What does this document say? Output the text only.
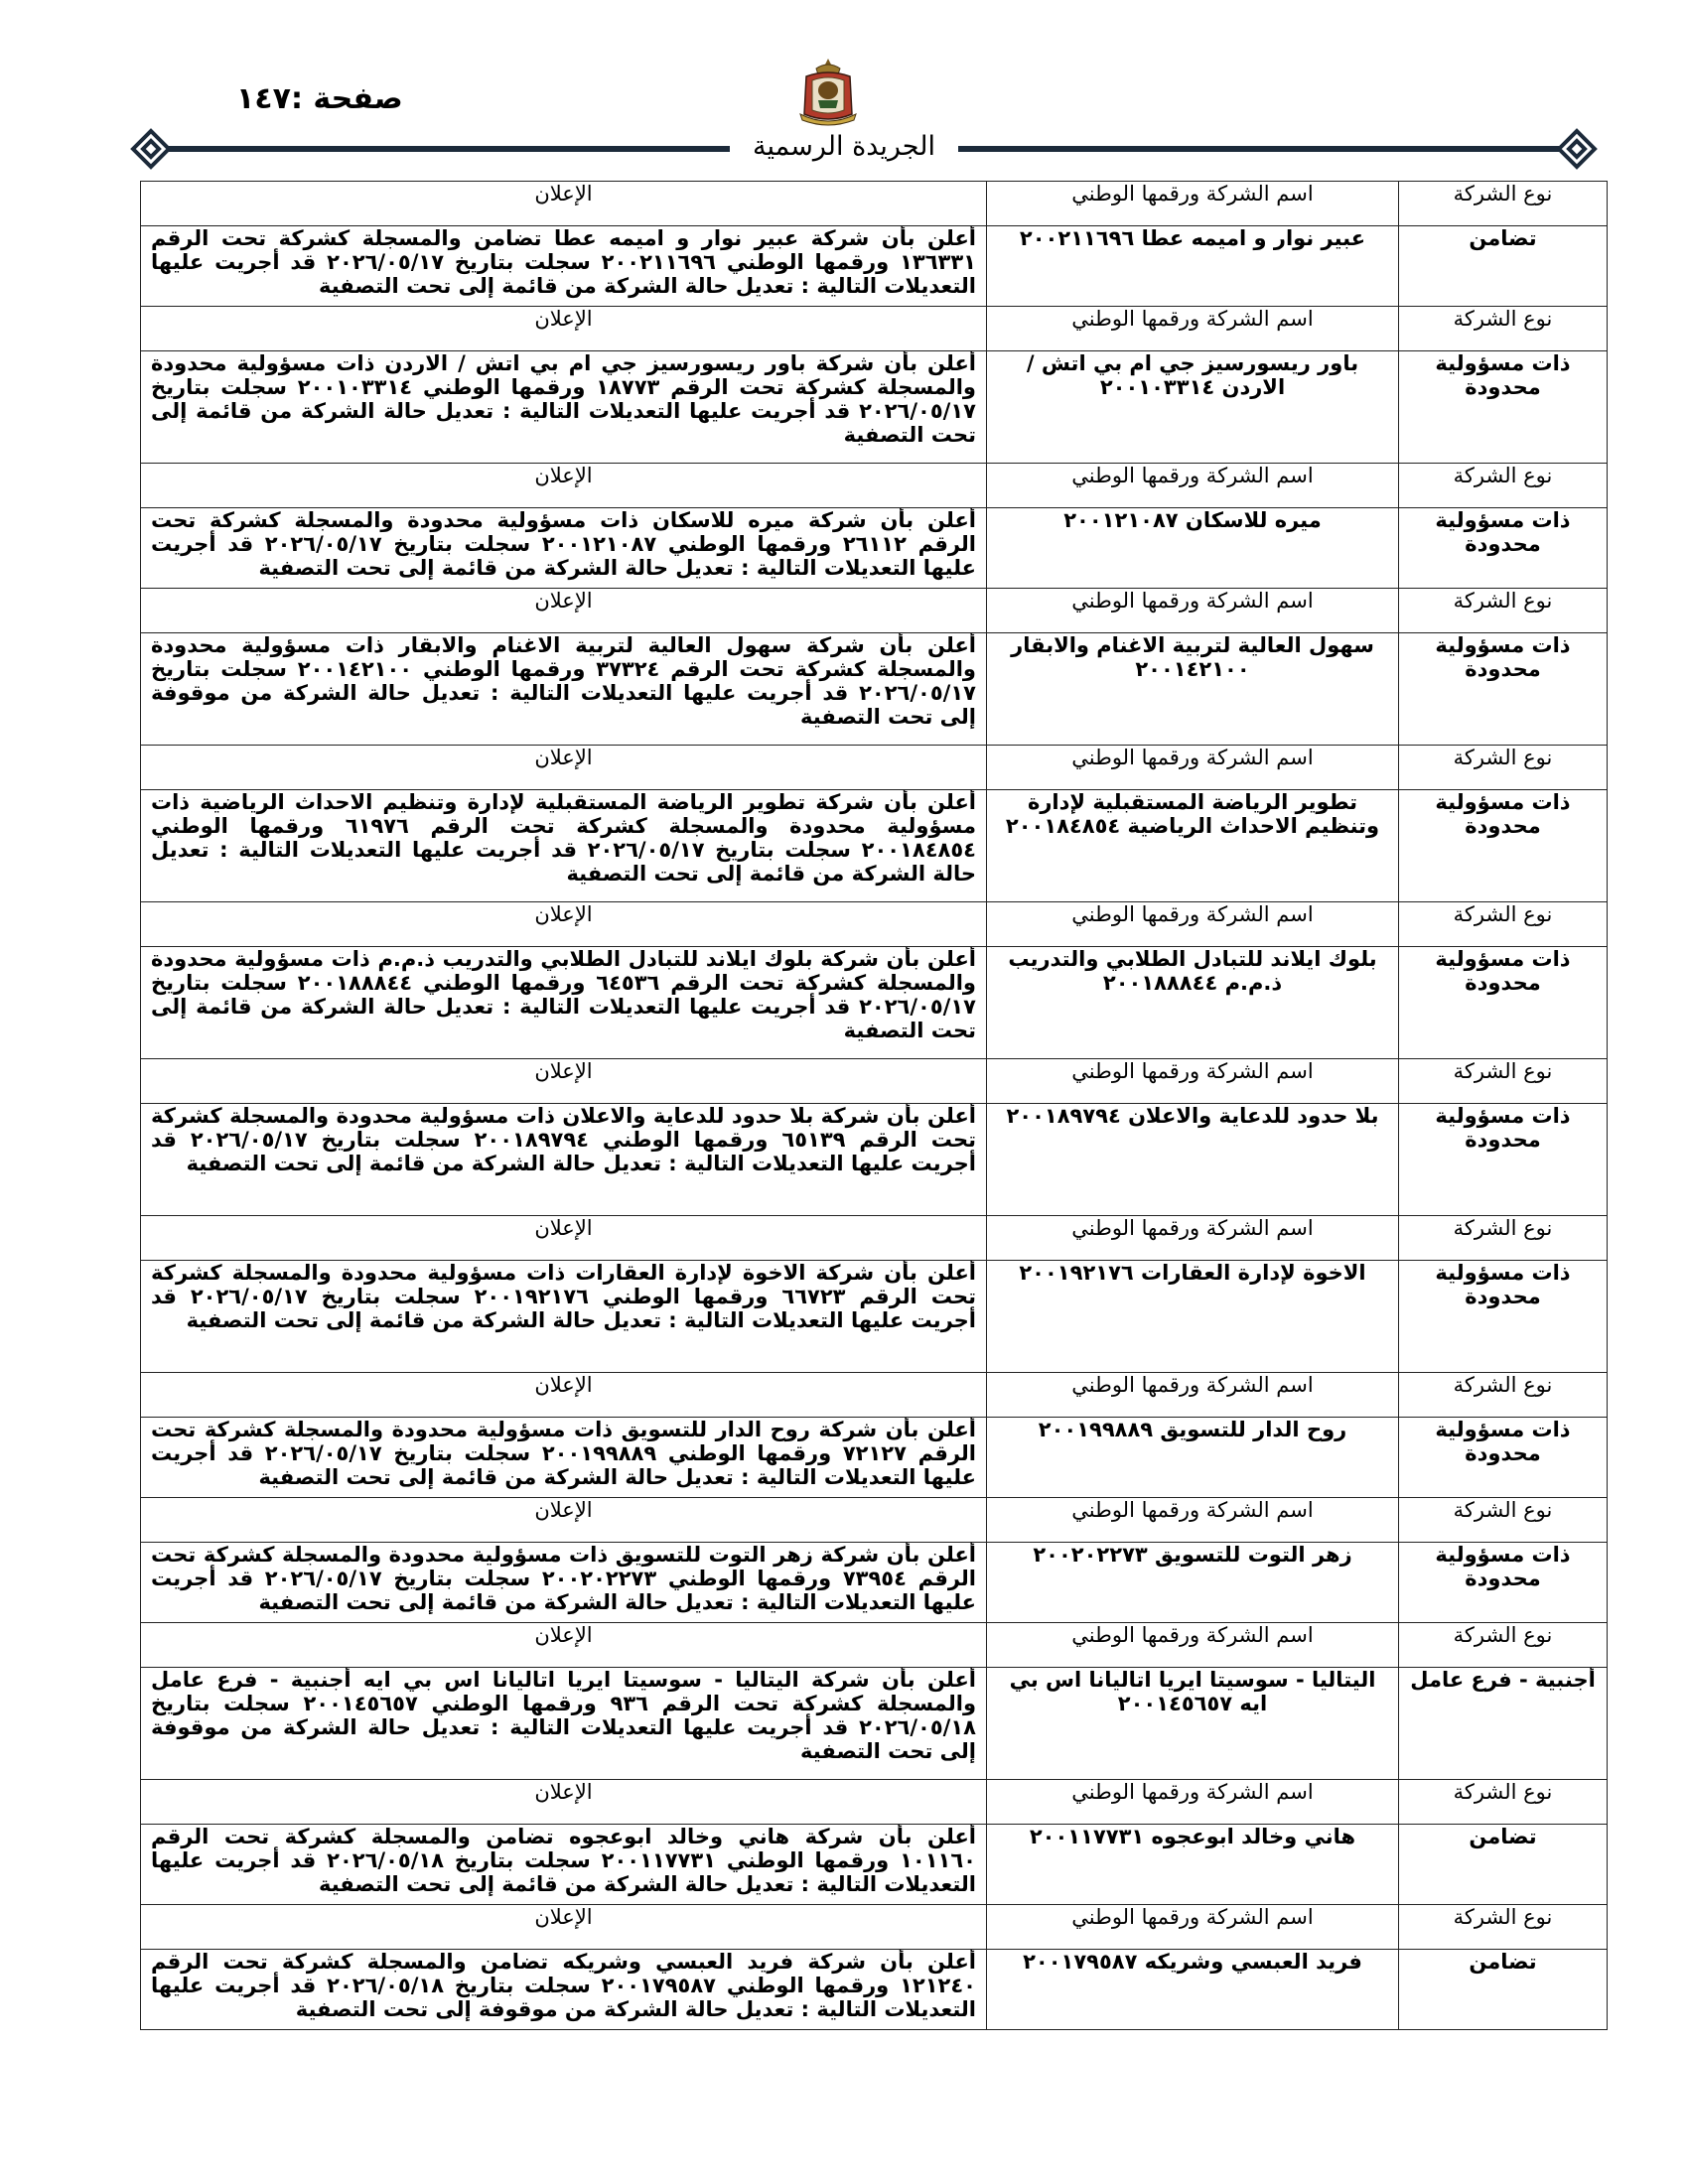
صفحة :١٤٧
الجريدة الرسمية
نوع الشركة	اسم الشركة ورقمها الوطني	الإعلان
تضامن	عبير نوار و اميمه عطا ٢٠٠٢١١٦٩٦	أعلن بأن شركة عبير نوار و اميمه عطا تضامن والمسجلة كشركة تحت الرقم ١٣٦٣٣١ ورقمها الوطني ٢٠٠٢١١٦٩٦ سجلت بتاريخ ٢٠٢٦/٠٥/١٧ قد أجريت عليها التعديلات التالية : تعديل حالة الشركة من قائمة إلى تحت التصفية
نوع الشركة	اسم الشركة ورقمها الوطني	الإعلان
ذات مسؤولية محدودة	باور ريسورسيز جي ام بي اتش / الاردن ٢٠٠١٠٣٣١٤	أعلن بأن شركة باور ريسورسيز جي ام بي اتش / الاردن ذات مسؤولية محدودة والمسجلة كشركة تحت الرقم ١٨٧٧٣ ورقمها الوطني ٢٠٠١٠٣٣١٤ سجلت بتاريخ ٢٠٢٦/٠٥/١٧ قد أجريت عليها التعديلات التالية : تعديل حالة الشركة من قائمة إلى تحت التصفية
نوع الشركة	اسم الشركة ورقمها الوطني	الإعلان
ذات مسؤولية محدودة	ميره للاسكان ٢٠٠١٢١٠٨٧	أعلن بأن شركة ميره للاسكان ذات مسؤولية محدودة والمسجلة كشركة تحت الرقم ٢٦١١٢ ورقمها الوطني ٢٠٠١٢١٠٨٧ سجلت بتاريخ ٢٠٢٦/٠٥/١٧ قد أجريت عليها التعديلات التالية : تعديل حالة الشركة من قائمة إلى تحت التصفية
نوع الشركة	اسم الشركة ورقمها الوطني	الإعلان
ذات مسؤولية محدودة	سهول العالية لتربية الاغنام والابقار ٢٠٠١٤٢١٠٠	أعلن بأن شركة سهول العالية لتربية الاغنام والابقار ذات مسؤولية محدودة والمسجلة كشركة تحت الرقم ٣٧٣٢٤ ورقمها الوطني ٢٠٠١٤٢١٠٠ سجلت بتاريخ ٢٠٢٦/٠٥/١٧ قد أجريت عليها التعديلات التالية : تعديل حالة الشركة من موقوفة إلى تحت التصفية
نوع الشركة	اسم الشركة ورقمها الوطني	الإعلان
ذات مسؤولية محدودة	تطوير الرياضة المستقبلية لإدارة وتنظيم الاحداث الرياضية ٢٠٠١٨٤٨٥٤	أعلن بأن شركة تطوير الرياضة المستقبلية لإدارة وتنظيم الاحداث الرياضية ذات مسؤولية محدودة والمسجلة كشركة تحت الرقم ٦١٩٧٦ ورقمها الوطني ٢٠٠١٨٤٨٥٤ سجلت بتاريخ ٢٠٢٦/٠٥/١٧ قد أجريت عليها التعديلات التالية : تعديل حالة الشركة من قائمة إلى تحت التصفية
نوع الشركة	اسم الشركة ورقمها الوطني	الإعلان
ذات مسؤولية محدودة	بلوك ايلاند للتبادل الطلابي والتدريب ذ.م.م ٢٠٠١٨٨٨٤٤	أعلن بأن شركة بلوك ايلاند للتبادل الطلابي والتدريب ذ.م.م ذات مسؤولية محدودة والمسجلة كشركة تحت الرقم ٦٤٥٣٦ ورقمها الوطني ٢٠٠١٨٨٨٤٤ سجلت بتاريخ ٢٠٢٦/٠٥/١٧ قد أجريت عليها التعديلات التالية : تعديل حالة الشركة من قائمة إلى تحت التصفية
نوع الشركة	اسم الشركة ورقمها الوطني	الإعلان
ذات مسؤولية محدودة	بلا حدود للدعاية والاعلان ٢٠٠١٨٩٧٩٤	أعلن بأن شركة بلا حدود للدعاية والاعلان ذات مسؤولية محدودة والمسجلة كشركة تحت الرقم ٦٥١٣٩ ورقمها الوطني ٢٠٠١٨٩٧٩٤ سجلت بتاريخ ٢٠٢٦/٠٥/١٧ قد أجريت عليها التعديلات التالية : تعديل حالة الشركة من قائمة إلى تحت التصفية
نوع الشركة	اسم الشركة ورقمها الوطني	الإعلان
ذات مسؤولية محدودة	الاخوة لإدارة العقارات ٢٠٠١٩٢١٧٦	أعلن بأن شركة الاخوة لإدارة العقارات ذات مسؤولية محدودة والمسجلة كشركة تحت الرقم ٦٦٧٢٣ ورقمها الوطني ٢٠٠١٩٢١٧٦ سجلت بتاريخ ٢٠٢٦/٠٥/١٧ قد أجريت عليها التعديلات التالية : تعديل حالة الشركة من قائمة إلى تحت التصفية
نوع الشركة	اسم الشركة ورقمها الوطني	الإعلان
ذات مسؤولية محدودة	روح الدار للتسويق ٢٠٠١٩٩٨٨٩	أعلن بأن شركة روح الدار للتسويق ذات مسؤولية محدودة والمسجلة كشركة تحت الرقم ٧٢١٢٧ ورقمها الوطني ٢٠٠١٩٩٨٨٩ سجلت بتاريخ ٢٠٢٦/٠٥/١٧ قد أجريت عليها التعديلات التالية : تعديل حالة الشركة من قائمة إلى تحت التصفية
نوع الشركة	اسم الشركة ورقمها الوطني	الإعلان
ذات مسؤولية محدودة	زهر التوت للتسويق ٢٠٠٢٠٢٢٧٣	أعلن بأن شركة زهر التوت للتسويق ذات مسؤولية محدودة والمسجلة كشركة تحت الرقم ٧٣٩٥٤ ورقمها الوطني ٢٠٠٢٠٢٢٧٣ سجلت بتاريخ ٢٠٢٦/٠٥/١٧ قد أجريت عليها التعديلات التالية : تعديل حالة الشركة من قائمة إلى تحت التصفية
نوع الشركة	اسم الشركة ورقمها الوطني	الإعلان
أجنبية - فرع عامل	اليتاليا - سوسيتا ايريا اتاليانا اس بي ايه ٢٠٠١٤٥٦٥٧	أعلن بأن شركة اليتاليا - سوسيتا ايريا اتاليانا اس بي ايه أجنبية - فرع عامل والمسجلة كشركة تحت الرقم ٩٣٦ ورقمها الوطني ٢٠٠١٤٥٦٥٧ سجلت بتاريخ ٢٠٢٦/٠٥/١٨ قد أجريت عليها التعديلات التالية : تعديل حالة الشركة من موقوفة إلى تحت التصفية
نوع الشركة	اسم الشركة ورقمها الوطني	الإعلان
تضامن	هاني وخالد ابوعجوه ٢٠٠١١٧٧٣١	أعلن بأن شركة هاني وخالد ابوعجوه تضامن والمسجلة كشركة تحت الرقم ١٠١١٦٠ ورقمها الوطني ٢٠٠١١٧٧٣١ سجلت بتاريخ ٢٠٢٦/٠٥/١٨ قد أجريت عليها التعديلات التالية : تعديل حالة الشركة من قائمة إلى تحت التصفية
نوع الشركة	اسم الشركة ورقمها الوطني	الإعلان
تضامن	فريد العبسي وشريكه ٢٠٠١٧٩٥٨٧	أعلن بأن شركة فريد العبسي وشريكه تضامن والمسجلة كشركة تحت الرقم ١٢١٢٤٠ ورقمها الوطني ٢٠٠١٧٩٥٨٧ سجلت بتاريخ ٢٠٢٦/٠٥/١٨ قد أجريت عليها التعديلات التالية : تعديل حالة الشركة من موقوفة إلى تحت التصفية
